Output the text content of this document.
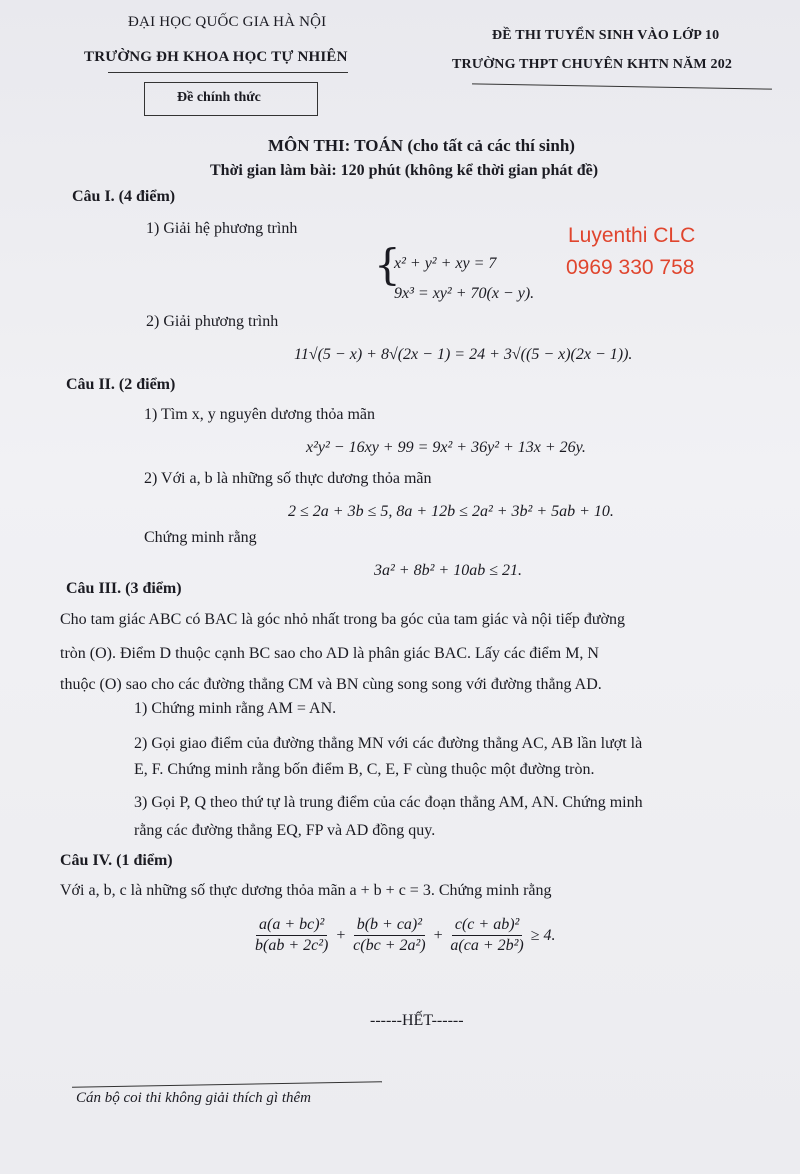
ĐẠI HỌC QUỐC GIA HÀ NỘI
TRƯỜNG ĐH KHOA HỌC TỰ NHIÊN
ĐỀ THI TUYỂN SINH VÀO LỚP 10
TRƯỜNG THPT CHUYÊN KHTN NĂM 202
Đề chính thức
MÔN THI: TOÁN (cho tất cả các thí sinh)
Thời gian làm bài: 120 phút (không kể thời gian phát đề)
Luyenthi CLC
0969 330 758
Câu I. (4 điểm)
1) Giải hệ phương trình
{
x² + y² + xy = 7
9x³ = xy² + 70(x − y).
2) Giải phương trình
11√(5 − x) + 8√(2x − 1) = 24 + 3√((5 − x)(2x − 1)).
Câu II. (2 điểm)
1) Tìm x, y nguyên dương thỏa mãn
x²y² − 16xy + 99 = 9x² + 36y² + 13x + 26y.
2) Với a, b là những số thực dương thỏa mãn
2 ≤ 2a + 3b ≤ 5, 8a + 12b ≤ 2a² + 3b² + 5ab + 10.
Chứng minh rằng
3a² + 8b² + 10ab ≤ 21.
Câu III. (3 điểm)
Cho tam giác ABC có BAC là góc nhỏ nhất trong ba góc của tam giác và nội tiếp đường
tròn (O). Điểm D thuộc cạnh BC sao cho AD là phân giác BAC. Lấy các điểm M, N
thuộc (O) sao cho các đường thẳng CM và BN cùng song song với đường thẳng AD.
1) Chứng minh rằng AM = AN.
2) Gọi giao điểm của đường thẳng MN với các đường thẳng AC, AB lần lượt là
E, F. Chứng minh rằng bốn điểm B, C, E, F cùng thuộc một đường tròn.
3) Gọi P, Q theo thứ tự là trung điểm của các đoạn thẳng AM, AN. Chứng minh
rằng các đường thẳng EQ, FP và AD đồng quy.
Câu IV. (1 điểm)
Với a, b, c là những số thực dương thỏa mãn a + b + c = 3. Chứng minh rằng
$\frac{\text{a(a + bc)²}}{\text{b(ab + 2c²)}} + \frac{\text{b(b + ca)²}}{\text{c(bc + 2a²)}} + \frac{\text{c(c + ab)²}}{\text{a(ca + 2b²)}} \ge 4$.
------HẾT------
Cán bộ coi thi không giải thích gì thêm
